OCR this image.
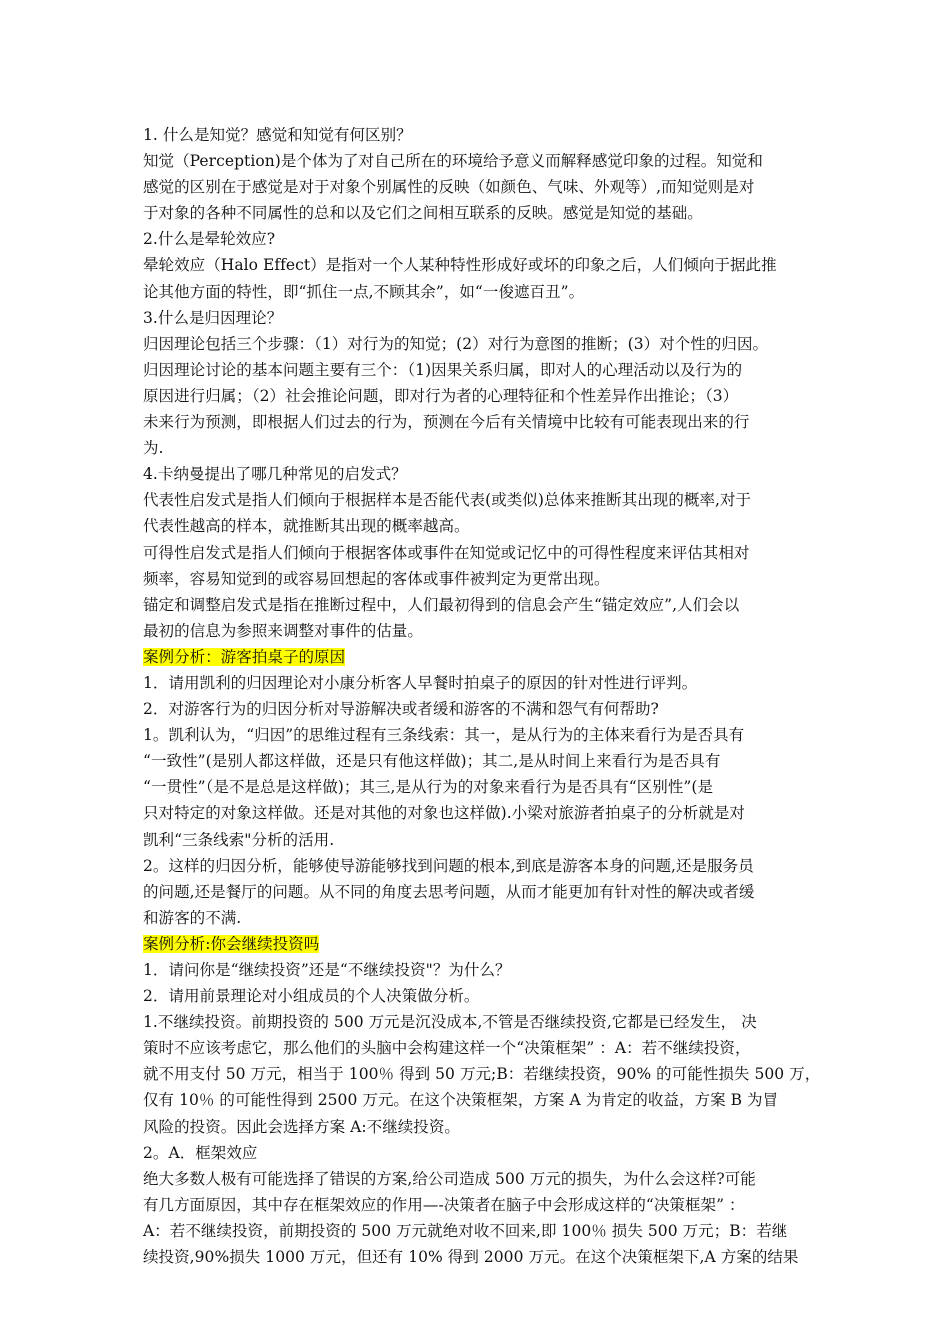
1. 什么是知觉？感觉和知觉有何区别？
知觉（Perception)是个体为了对自己所在的环境给予意义而解释感觉印象的过程。知觉和
感觉的区别在于感觉是对于对象个别属性的反映（如颜色、气味、外观等）,而知觉则是对
于对象的各种不同属性的总和以及它们之间相互联系的反映。感觉是知觉的基础。
2.什么是晕轮效应?
晕轮效应（Halo Effect）是指对一个人某种特性形成好或坏的印象之后，人们倾向于据此推
论其他方面的特性，即“抓住一点,不顾其余”，如“一俊遮百丑”。
3.什么是归因理论？
归因理论包括三个步骤：（1）对行为的知觉；(2）对行为意图的推断；(3）对个性的归因。
归因理论讨论的基本问题主要有三个：（1)因果关系归属，即对人的心理活动以及行为的
原因进行归属；（2）社会推论问题，即对行为者的心理特征和个性差异作出推论；（3）
未来行为预测，即根据人们过去的行为，预测在今后有关情境中比较有可能表现出来的行
为.
4.卡纳曼提出了哪几种常见的启发式？
代表性启发式是指人们倾向于根据样本是否能代表(或类似)总体来推断其出现的概率,对于
代表性越高的样本，就推断其出现的概率越高。
可得性启发式是指人们倾向于根据客体或事件在知觉或记忆中的可得性程度来评估其相对
频率，容易知觉到的或容易回想起的客体或事件被判定为更常出现。
锚定和调整启发式是指在推断过程中，人们最初得到的信息会产生“锚定效应”,人们会以
最初的信息为参照来调整对事件的估量。
案例分析：游客拍桌子的原因
1．请用凯利的归因理论对小康分析客人早餐时拍桌子的原因的针对性进行评判。
2．对游客行为的归因分析对导游解决或者缓和游客的不满和怨气有何帮助?
1。凯利认为，“归因”的思维过程有三条线索：其一，是从行为的主体来看行为是否具有
“一致性”(是别人都这样做，还是只有他这样做)；其二,是从时间上来看行为是否具有
“一贯性”（是不是总是这样做)；其三,是从行为的对象来看行为是否具有“区别性”(是
只对特定的对象这样做。还是对其他的对象也这样做).小梁对旅游者拍桌子的分析就是对
凯利“三条线索"分析的活用.
2。这样的归因分析，能够使导游能够找到问题的根本,到底是游客本身的问题,还是服务员
的问题,还是餐厅的问题。从不同的角度去思考问题，从而才能更加有针对性的解决或者缓
和游客的不满.
案例分析:你会继续投资吗
1．请问你是“继续投资”还是“不继续投资"？为什么？
2．请用前景理论对小组成员的个人决策做分析。
1.不继续投资。前期投资的 500 万元是沉没成本,不管是否继续投资,它都是已经发生， 决
策时不应该考虑它，那么他们的头脑中会构建这样一个“决策框架” ：A：若不继续投资，
就不用支付 50 万元，相当于 100％ 得到 50 万元;B：若继续投资，90% 的可能性损失 500 万，
仅有 10％ 的可能性得到 2500 万元。在这个决策框架，方案 A 为肯定的收益，方案 B 为冒
风险的投资。因此会选择方案 A:不继续投资。
2。A．框架效应
绝大多数人极有可能选择了错误的方案,给公司造成 500 万元的损失，为什么会这样?可能
有几方面原因，其中存在框架效应的作用—-决策者在脑子中会形成这样的“决策框架” ：
A：若不继续投资，前期投资的 500 万元就绝对收不回来,即 100％ 损失 500 万元；B：若继
续投资,90%损失 1000 万元，但还有 10% 得到 2000 万元。在这个决策框架下,A 方案的结果
